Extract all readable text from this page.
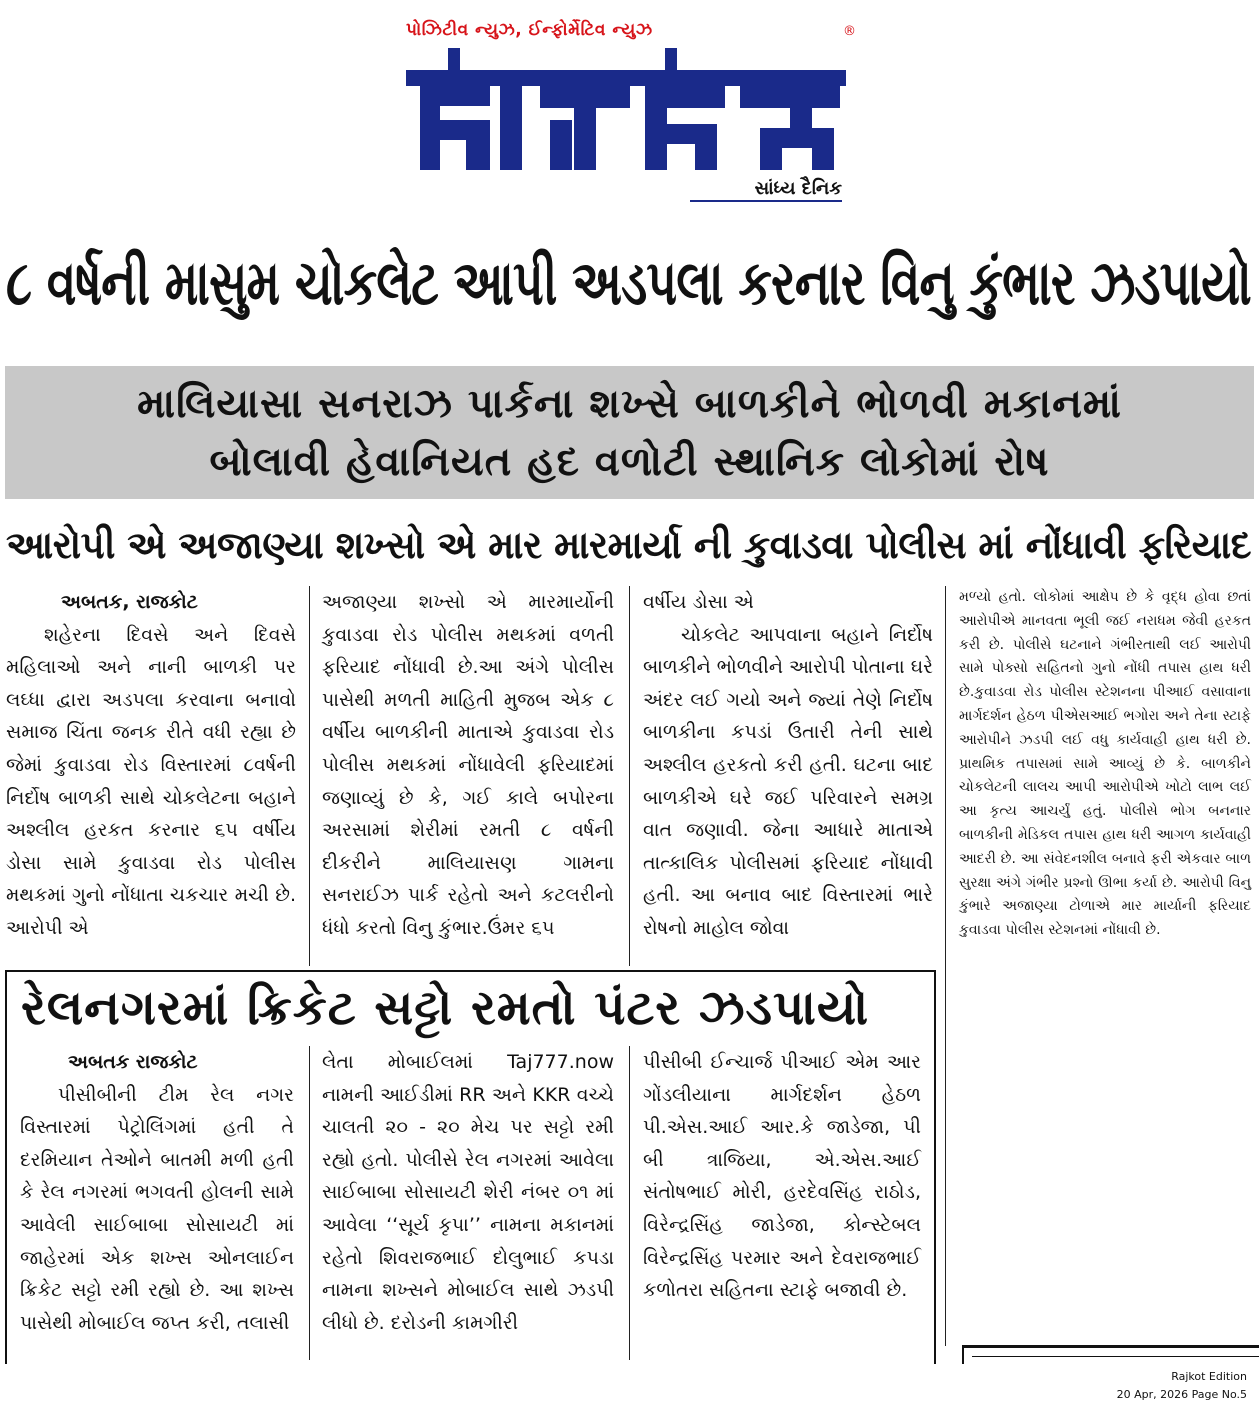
પોઝિટીવ ન્યુઝ, ઈન્ફોર્મેટિવ ન્યુઝ	®
સાંધ્ય દૈનિક
૮ વર્ષની માસુમ ચોકલેટ આપી અડપલા કરનાર વિનુ કુંભાર ઝડપાયો
માલિયાસા સનરાઝ પાર્કના શખ્સે બાળકીને ભોળવી મકાનમાં
બોલાવી હેવાનિયત હદ વળોટી સ્થાનિક લોકોમાં રોષ
આરોપી એ અજાણ્યા શખ્સો એ માર મારમાર્યા ની કુવાડવા પોલીસ માં નોંધાવી ફરિયાદ

અબતક, રાજકોટ

શહેરના દિવસે અને દિવસે મહિલાઓ અને નાની બાળકી પર લઘ્ધા દ્વારા અડપલા કરવાના બનાવો સમાજ ચિંતા જનક રીતે વધી રહ્યા છે જેમાં કુવાડવા રોડ વિસ્તારમાં ૮વર્ષની નિર્દોષ બાળકી સાથે ચોકલેટના બહાને અશ્લીલ હરકત કરનાર ૬૫ વર્ષીય ડોસા સામે કુવાડવા રોડ પોલીસ મથકમાં ગુનો નોંધાતા ચકચાર મચી છે. આરોપી એ

અજાણ્યા શખ્સો એ મારમાર્યોની કુવાડવા રોડ પોલીસ મથકમાં વળતી ફરિયાદ નોંધાવી છે.આ અંગે પોલીસ પાસેથી મળતી માહિતી મુજબ એક ૮ વર્ષીય બાળકીની માતાએ કુવાડવા રોડ પોલીસ મથકમાં નોંધાવેલી ફરિયાદમાં જણાવ્યું છે કે, ગઈ કાલે બપોરના અરસામાં શેરીમાં રમતી ૮ વર્ષની દીકરીને માલિયાસણ ગામના સનરાઈઝ પાર્ક રહેતો અને કટલરીનો ધંધો કરતો વિનુ કુંભાર.ઉંમર ૬૫

વર્ષીય ડોસા એ

ચોકલેટ આપવાના બહાને નિર્દોષ બાળકીને ભોળવીને આરોપી પોતાના ઘરે અંદર લઈ ગયો અને જ્યાં તેણે નિર્દોષ બાળકીના કપડાં ઉતારી તેની સાથે અશ્લીલ હરકતો કરી હતી. ઘટના બાદ બાળકીએ ઘરે જઈ પરિવારને સમગ્ર વાત જણાવી. જેના આધારે માતાએ તાત્કાલિક પોલીસમાં ફરિયાદ નોંધાવી હતી. આ બનાવ બાદ વિસ્તારમાં ભારે રોષનો માહોલ જોવા

મળ્યો હતો. લોકોમાં આક્ષેપ છે કે વૃદ્ધ હોવા છતાં આરોપીએ માનવતા ભૂલી જઈ નરાધમ જેવી હરકત કરી છે. પોલીસે ઘટનાને ગંભીરતાથી લઈ આરોપી સામે પોક્સો સહિતનો ગુનો નોંધી તપાસ હાથ ધરી છે.કુવાડવા રોડ પોલીસ સ્ટેશનના પીઆઈ વસાવાના માર્ગદર્શન હેઠળ પીએસઆઈ ભગોરા અને તેના સ્ટાફે આરોપીને ઝડપી લઈ વધુ કાર્યવાહી હાથ ધરી છે. પ્રાથમિક તપાસમાં સામે આવ્યું છે કે. બાળકીને ચોકલેટની લાલચ આપી આરોપીએ ખોટો લાભ લઈ આ કૃત્ય આચર્યું હતું. પોલીસે ભોગ બનનાર બાળકીની મેડિકલ તપાસ હાથ ધરી આગળ કાર્યવાહી આદરી છે. આ સંવેદનશીલ બનાવે ફરી એકવાર બાળ સુરક્ષા અંગે ગંભીર પ્રશ્નો ઊભા કર્યા છે. આરોપી વિનુ કુંભારે અજાણ્યા ટોળાએ માર માર્યાની ફરિયાદ કુવાડવા પોલીસ સ્ટેશનમાં નોંધાવી છે.

રેલનગરમાં ક્રિકેટ સટ્ટો રમતો પંટર ઝડપાયો

અબતક રાજકોટ

પીસીબીની ટીમ રેલ નગર વિસ્તારમાં પેટ્રોલિંગમાં હતી તે દરમિયાન તેઓને બાતમી મળી હતી કે રેલ નગરમાં ભગવતી હોલની સામે આવેલી સાઈબાબા સોસાયટી માં જાહેરમાં એક શખ્સ ઓનલાઈન ક્રિકેટ સટ્ટો રમી રહ્યો છે. આ શખ્સ પાસેથી મોબાઈલ જપ્ત કરી, તલાસી

લેતા મોબાઈલમાં Taj777.now નામની આઈડીમાં RR અને KKR વચ્ચે ચાલતી ૨૦ - ૨૦ મેચ પર સટ્ટો રમી રહ્યો હતો. પોલીસે રેલ નગરમાં આવેલા સાઈબાબા સોસાયટી શેરી નંબર ૦૧ માં આવેલા ‘‘સૂર્ય કૃપા’’ નામના મકાનમાં રહેતો શિવરાજભાઈ દોલુભાઈ કપડા નામના શખ્સને મોબાઈલ સાથે ઝડપી લીધો છે. દરોડની કામગીરી

પીસીબી ઈન્ચાર્જ પીઆઈ એમ આર ગોંડલીયાના માર્ગદર્શન હેઠળ પી.એસ.આઈ આર.કે જાડેજા, પી બી ત્રાજિયા, એ.એસ.આઈ સંતોષભાઈ મોરી, હરદેવસિંહ રાઠોડ, વિરેન્દ્રસિંહ જાડેજા, કોન્સ્ટેબલ વિરેન્દ્રસિંહ પરમાર અને દેવરાજભાઈ કળોતરા સહિતના સ્ટાફે બજાવી છે.

Rajkot Edition
20 Apr, 2026 Page No.5
